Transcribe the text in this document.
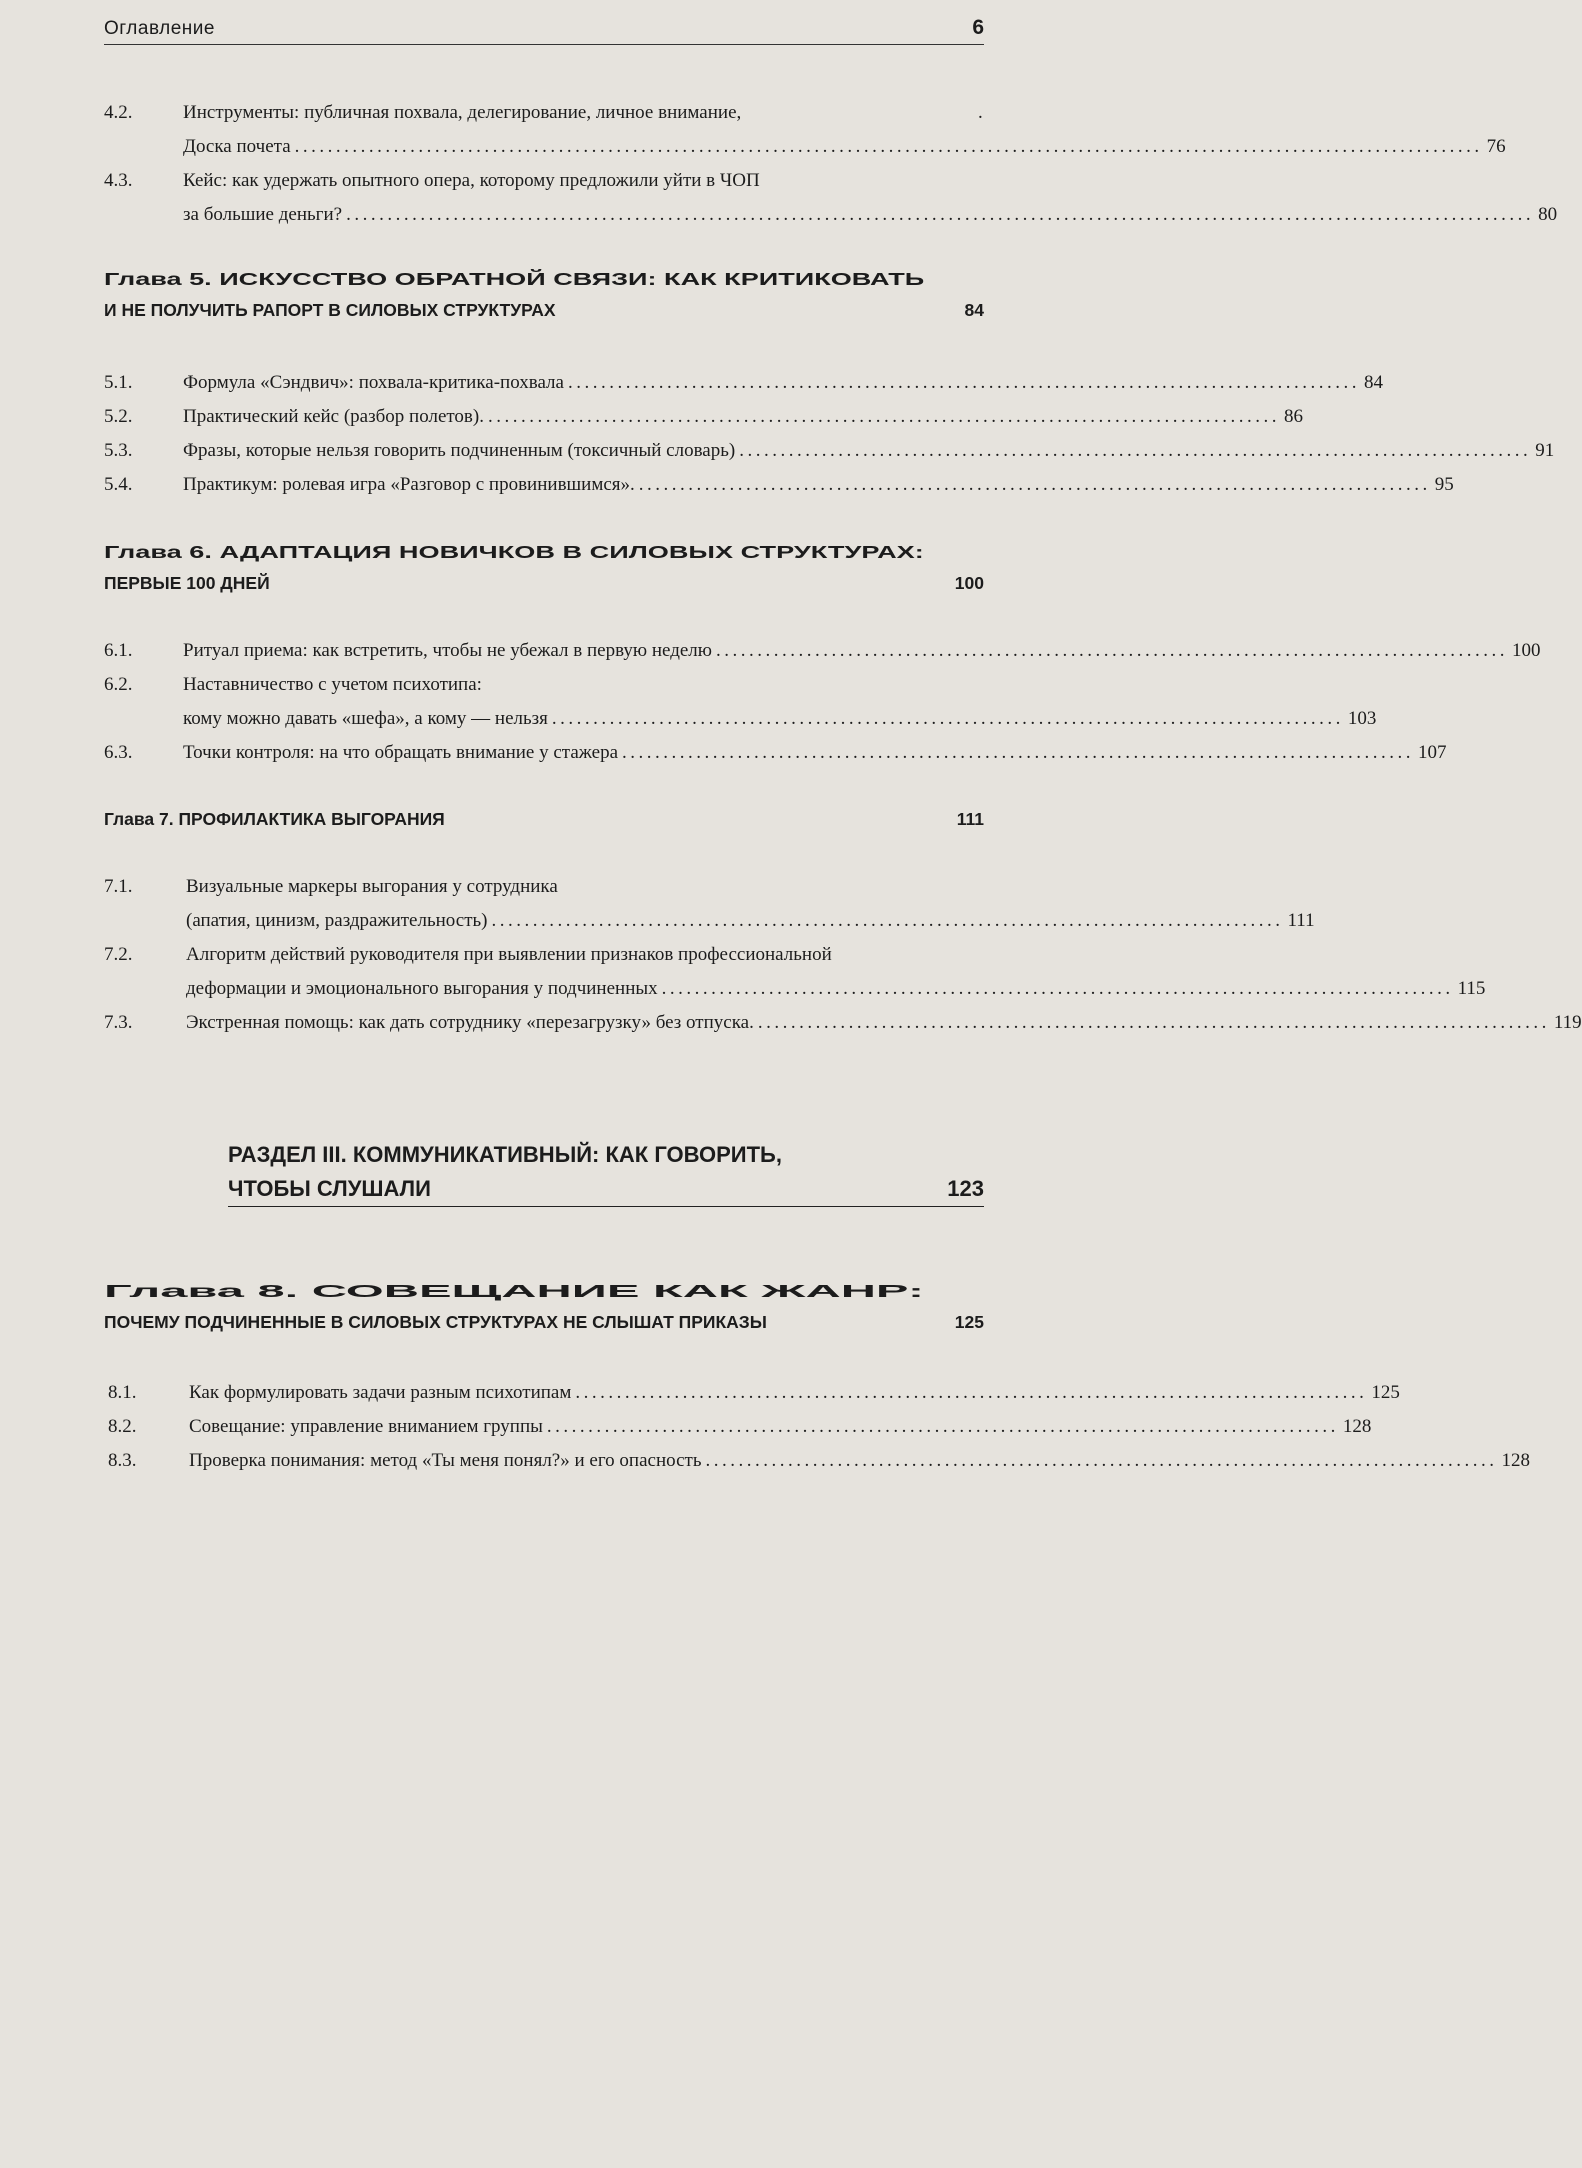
Оглавление	6
4.2.	Инструменты: публичная похвала, делегирование, личное внимание,	.
Доска почета ................................................................................................................................................ 76
4.3.	Кейс: как удержать опытного опера, которому предложили уйти в ЧОП
за большие деньги? ................................................................................................................................................ 80
Глава 5. ИСКУССТВО ОБРАТНОЙ СВЯЗИ: КАК КРИТИКОВАТЬ
И НЕ ПОЛУЧИТЬ РАПОРТ В СИЛОВЫХ СТРУКТУРАХ	84
5.1.	Формула «Сэндвич»: похвала-критика-похвала ................................................................................................ 84
5.2.	Практический кейс (разбор полетов). ................................................................................................ 86
5.3.	Фразы, которые нельзя говорить подчиненным (токсичный словарь) ................................................................................................ 91
5.4.	Практикум: ролевая игра «Разговор с провинившимся». ................................................................................................ 95
Глава 6. АДАПТАЦИЯ НОВИЧКОВ В СИЛОВЫХ СТРУКТУРАХ:
ПЕРВЫЕ 100 ДНЕЙ	100
6.1.	Ритуал приема: как встретить, чтобы не убежал в первую неделю ................................................................................................ 100
6.2.	Наставничество с учетом психотипа:
кому можно давать «шефа», а кому — нельзя ................................................................................................ 103
6.3.	Точки контроля: на что обращать внимание у стажера ................................................................................................ 107
Глава 7. ПРОФИЛАКТИКА ВЫГОРАНИЯ	111
7.1.	Визуальные маркеры выгорания у сотрудника
(апатия, цинизм, раздражительность) ................................................................................................ 111
7.2.	Алгоритм действий руководителя при выявлении признаков профессиональной
деформации и эмоционального выгорания у подчиненных ................................................................................................ 115
7.3.	Экстренная помощь: как дать сотруднику «перезагрузку» без отпуска. ................................................................................................ 119
РАЗДЕЛ III. КОММУНИКАТИВНЫЙ: КАК ГОВОРИТЬ,
ЧТОБЫ СЛУШАЛИ	123
Глава 8. СОВЕЩАНИЕ КАК ЖАНР:
ПОЧЕМУ ПОДЧИНЕННЫЕ В СИЛОВЫХ СТРУКТУРАХ НЕ СЛЫШАТ ПРИКАЗЫ	125
8.1.	Как формулировать задачи разным психотипам ................................................................................................ 125
8.2.	Совещание: управление вниманием группы ................................................................................................ 128
8.3.	Проверка понимания: метод «Ты меня понял?» и его опасность ................................................................................................ 128
